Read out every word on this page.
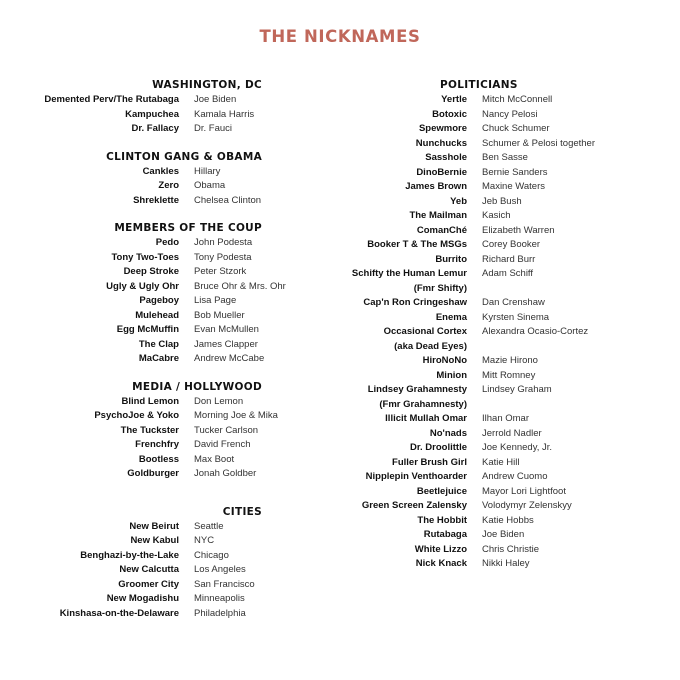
THE NICKNAMES
WASHINGTON, DC
Demented Perv/The Rutabaga	Joe Biden
Kampuchea	Kamala Harris
Dr. Fallacy	Dr. Fauci
CLINTON GANG & OBAMA
Cankles	Hillary
Zero	Obama
Shreklette	Chelsea Clinton
MEMBERS OF THE COUP
Pedo	John Podesta
Tony Two-Toes	Tony Podesta
Deep Stroke	Peter Stzork
Ugly & Ugly Ohr	Bruce Ohr & Mrs. Ohr
Pageboy	Lisa Page
Mulehead	Bob Mueller
Egg McMuffin	Evan McMullen
The Clap	James Clapper
MaCabre	Andrew McCabe
MEDIA / HOLLYWOOD
Blind Lemon	Don Lemon
PsychoJoe & Yoko	Morning Joe & Mika
The Tuckster	Tucker Carlson
Frenchfry	David French
Bootless	Max Boot
Goldburger	Jonah Goldber
CITIES
New Beirut	Seattle
New Kabul	NYC
Benghazi-by-the-Lake	Chicago
New Calcutta	Los Angeles
Groomer City	San Francisco
New Mogadishu	Minneapolis
Kinshasa-on-the-Delaware	Philadelphia
POLITICIANS
Yertle	Mitch McConnell
Botoxic	Nancy Pelosi
Spewmore	Chuck Schumer
Nunchucks	Schumer & Pelosi together
Sasshole	Ben Sasse
DinoBernie	Bernie Sanders
James Brown	Maxine Waters
Yeb	Jeb Bush
The Mailman	Kasich
ComanChé	Elizabeth Warren
Booker T & The MSGs	Corey Booker
Burrito	Richard Burr
Schifty the Human Lemur	Adam Schiff
(Fmr Shifty)
Cap'n Ron Cringeshaw	Dan Crenshaw
Enema	Kyrsten Sinema
Occasional Cortex	Alexandra Ocasio-Cortez
(aka Dead Eyes)
HiroNoNo	Mazie Hirono
Minion	Mitt Romney
Lindsey Grahamnesty	Lindsey Graham
(Fmr Grahamnesty)
Illicit Mullah Omar	Ilhan Omar
No'nads	Jerrold Nadler
Dr. Droolittle	Joe Kennedy, Jr.
Fuller Brush Girl	Katie Hill
Nipplepin Venthoarder	Andrew Cuomo
Beetlejuice	Mayor Lori Lightfoot
Green Screen Zalensky	Volodymyr Zelenskyy
The Hobbit	Katie Hobbs
Rutabaga	Joe Biden
White Lizzo	Chris Christie
Nick Knack	Nikki Haley
